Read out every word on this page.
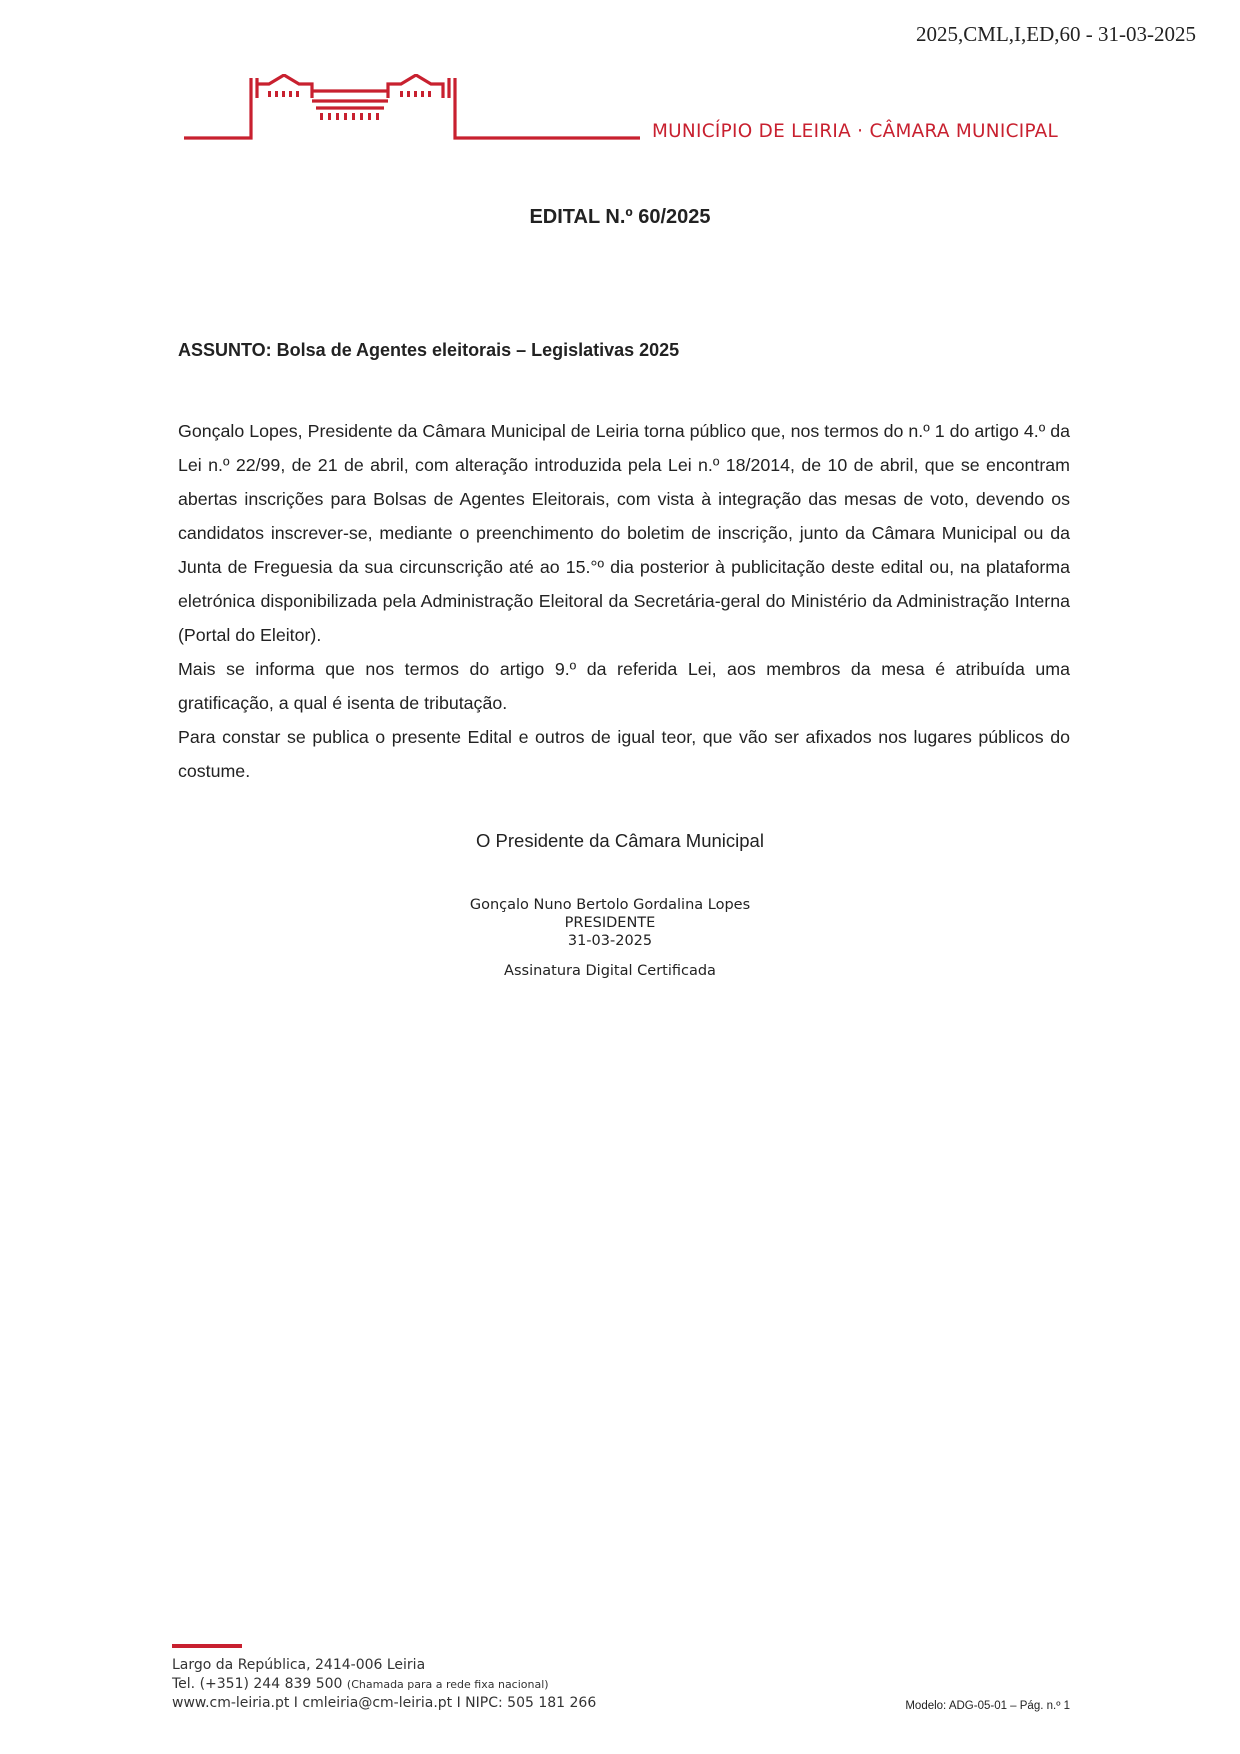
2025,CML,I,ED,60 - 31-03-2025
MUNICÍPIO DE LEIRIA · CÂMARA MUNICIPAL
EDITAL N.º 60/2025
ASSUNTO: Bolsa de Agentes eleitorais – Legislativas 2025

Gonçalo Lopes, Presidente da Câmara Municipal de Leiria torna público que, nos termos do n.º 1 do artigo 4.º da Lei n.º 22/99, de 21 de abril, com alteração introduzida pela Lei n.º 18/2014, de 10 de abril, que se encontram abertas inscrições para Bolsas de Agentes Eleitorais, com vista à integração das mesas de voto, devendo os candidatos inscrever-se, mediante o preenchimento do boletim de inscrição, junto da Câmara Municipal ou da Junta de Freguesia da sua circunscrição até ao 15.°º dia posterior à publicitação deste edital ou, na plataforma eletrónica disponibilizada pela Administração Eleitoral da Secretária-geral do Ministério da Administração Interna (Portal do Eleitor).

Mais se informa que nos termos do artigo 9.º da referida Lei, aos membros da mesa é atribuída uma gratificação, a qual é isenta de tributação.

Para constar se publica o presente Edital e outros de igual teor, que vão ser afixados nos lugares públicos do costume.

O Presidente da Câmara Municipal
Gonçalo Nuno Bertolo Gordalina Lopes
PRESIDENTE
31-03-2025
Assinatura Digital Certificada
Largo da República, 2414-006 Leiria
Tel. (+351) 244 839 500 (Chamada para a rede fixa nacional)
www.cm-leiria.pt I cmleiria@cm-leiria.pt I NIPC: 505 181 266	Modelo: ADG-05-01 – Pág. n.º 1
